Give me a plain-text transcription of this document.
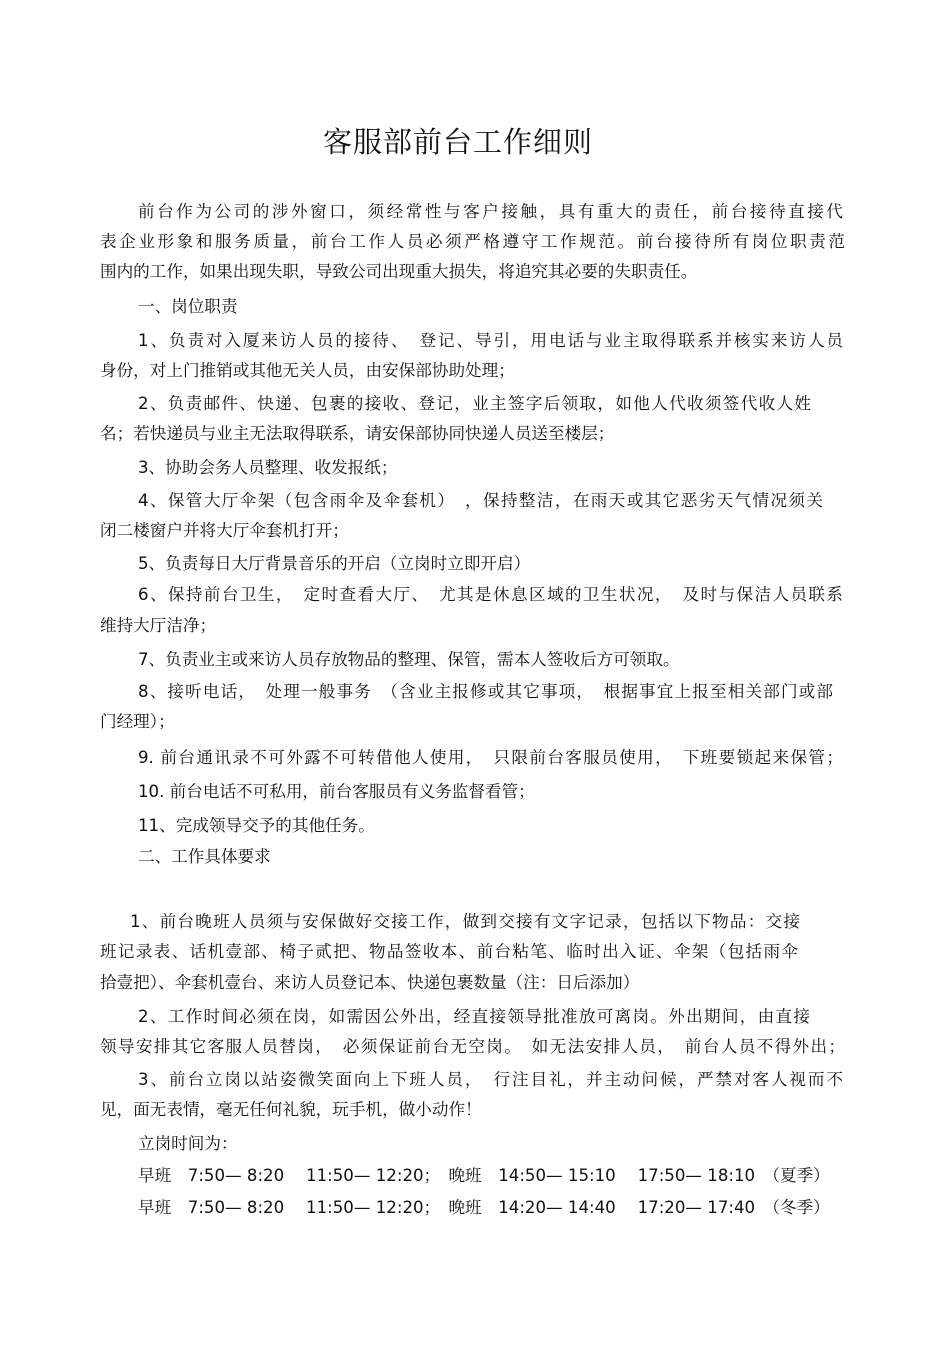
客服部前台工作细则
前台作为公司的涉外窗口，须经常性与客户接触，具有重大的责任，前台接待直接代
表企业形象和服务质量，前台工作人员必须严格遵守工作规范。前台接待所有岗位职责范
围内的工作，如果出现失职，导致公司出现重大损失，将追究其必要的失职责任。
一、岗位职责
1、负责对入厦来访人员的接待、　登记、导引，用电话与业主取得联系并核实来访人员
身份，对上门推销或其他无关人员，由安保部协助处理；
2、负责邮件、快递、包裹的接收、登记，业主签字后领取，如他人代收须签代收人姓
名；若快递员与业主无法取得联系，请安保部协同快递人员送至楼层；
3、协助会务人员整理、收发报纸；
4、保管大厅伞架（包含雨伞及伞套机）　，保持整洁，在雨天或其它恶劣天气情况须关
闭二楼窗户并将大厅伞套机打开；
5、负责每日大厅背景音乐的开启（立岗时立即开启）
6、保持前台卫生，　定时查看大厅、　尤其是休息区域的卫生状况，　及时与保洁人员联系
维持大厅洁净；
7、负责业主或来访人员存放物品的整理、保管，需本人签收后方可领取。
8、接听电话，　处理一般事务　（含业主报修或其它事项，　根据事宜上报至相关部门或部
门经理）；
9. 前台通讯录不可外露不可转借他人使用，　只限前台客服员使用，　下班要锁起来保管；
10. 前台电话不可私用，前台客服员有义务监督看管；
11、完成领导交予的其他任务。
二、工作具体要求
1、前台晚班人员须与安保做好交接工作，做到交接有文字记录，包括以下物品：交接
班记录表、话机壹部、椅子贰把、物品签收本、前台粘笔、临时出入证、伞架（包括雨伞
拾壹把）、伞套机壹台、来访人员登记本、快递包裹数量（注：日后添加）
2、工作时间必须在岗，如需因公外出，经直接领导批准放可离岗。外出期间，由直接
领导安排其它客服人员替岗，　必须保证前台无空岗。　如无法安排人员，　前台人员不得外出；
3、前台立岗以站姿微笑面向上下班人员，　行注目礼，并主动问候，严禁对客人视而不
见，面无表情，毫无任何礼貌，玩手机，做小动作！
立岗时间为：
早班　7:50— 8:20　 11:50— 12:20；　晚班　14:50— 15:10　 17:50— 18:10　（夏季）
早班　7:50— 8:20　 11:50— 12:20；　晚班　14:20— 14:40　 17:20— 17:40　（冬季）
